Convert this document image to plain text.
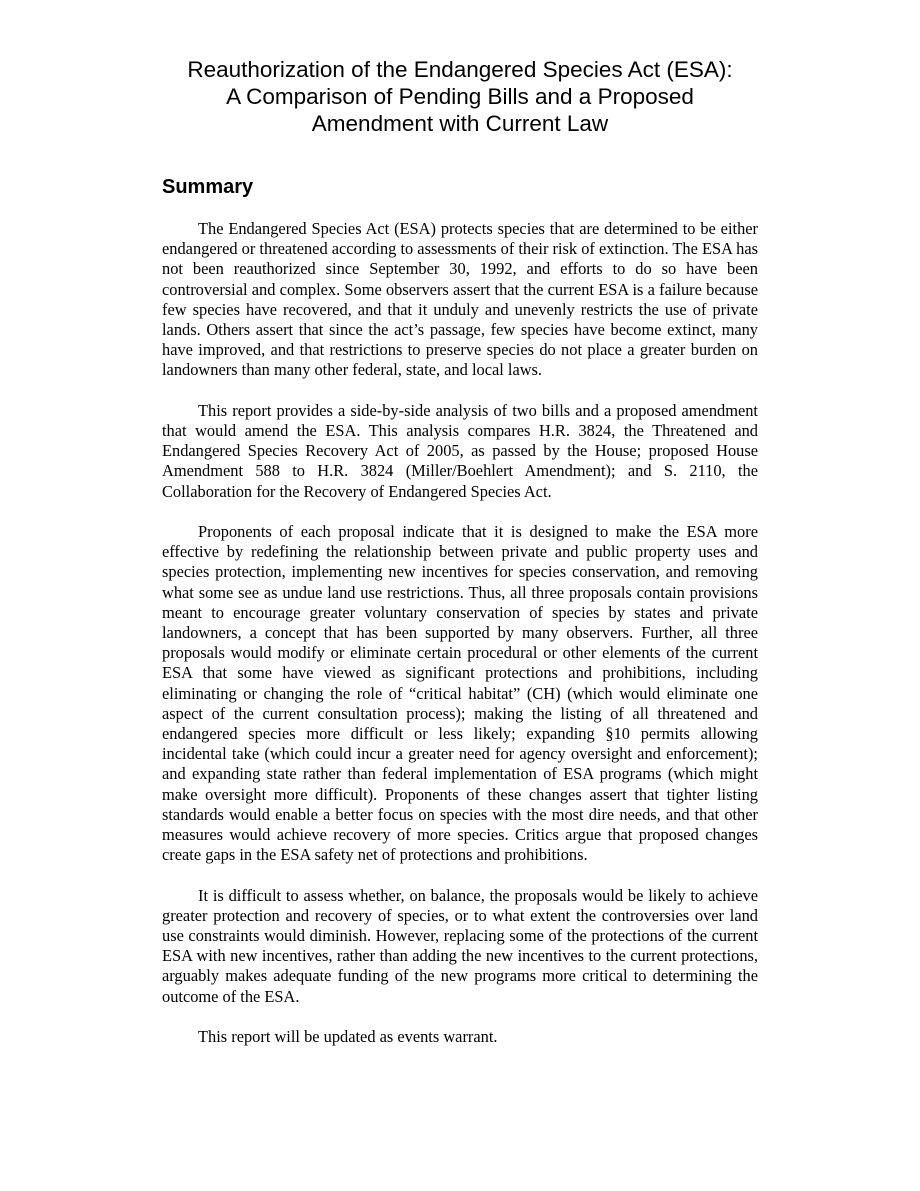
Reauthorization of the Endangered Species Act (ESA):
A Comparison of Pending Bills and a Proposed
Amendment with Current Law
Summary

The Endangered Species Act (ESA) protects species that are determined to be either endangered or threatened according to assessments of their risk of extinction. The ESA has not been reauthorized since September 30, 1992, and efforts to do so have been controversial and complex. Some observers assert that the current ESA is a failure because few species have recovered, and that it unduly and unevenly restricts the use of private lands. Others assert that since the act’s passage, few species have become extinct, many have improved, and that restrictions to preserve species do not place a greater burden on landowners than many other federal, state, and local laws.

This report provides a side-by-side analysis of two bills and a proposed amendment that would amend the ESA. This analysis compares H.R. 3824, the Threatened and Endangered Species Recovery Act of 2005, as passed by the House; proposed House Amendment 588 to H.R. 3824 (Miller/Boehlert Amendment); and S. 2110, the Collaboration for the Recovery of Endangered Species Act.

Proponents of each proposal indicate that it is designed to make the ESA more effective by redefining the relationship between private and public property uses and species protection, implementing new incentives for species conservation, and removing what some see as undue land use restrictions. Thus, all three proposals contain provisions meant to encourage greater voluntary conservation of species by states and private landowners, a concept that has been supported by many observers. Further, all three proposals would modify or eliminate certain procedural or other elements of the current ESA that some have viewed as significant protections and prohibitions, including eliminating or changing the role of “critical habitat” (CH) (which would eliminate one aspect of the current consultation process); making the listing of all threatened and endangered species more difficult or less likely; expanding §10 permits allowing incidental take (which could incur a greater need for agency oversight and enforcement); and expanding state rather than federal implementation of ESA programs (which might make oversight more difficult). Proponents of these changes assert that tighter listing standards would enable a better focus on species with the most dire needs, and that other measures would achieve recovery of more species. Critics argue that proposed changes create gaps in the ESA safety net of protections and prohibitions.

It is difficult to assess whether, on balance, the proposals would be likely to achieve greater protection and recovery of species, or to what extent the controversies over land use constraints would diminish. However, replacing some of the protections of the current ESA with new incentives, rather than adding the new incentives to the current protections, arguably makes adequate funding of the new programs more critical to determining the outcome of the ESA.

This report will be updated as events warrant.
